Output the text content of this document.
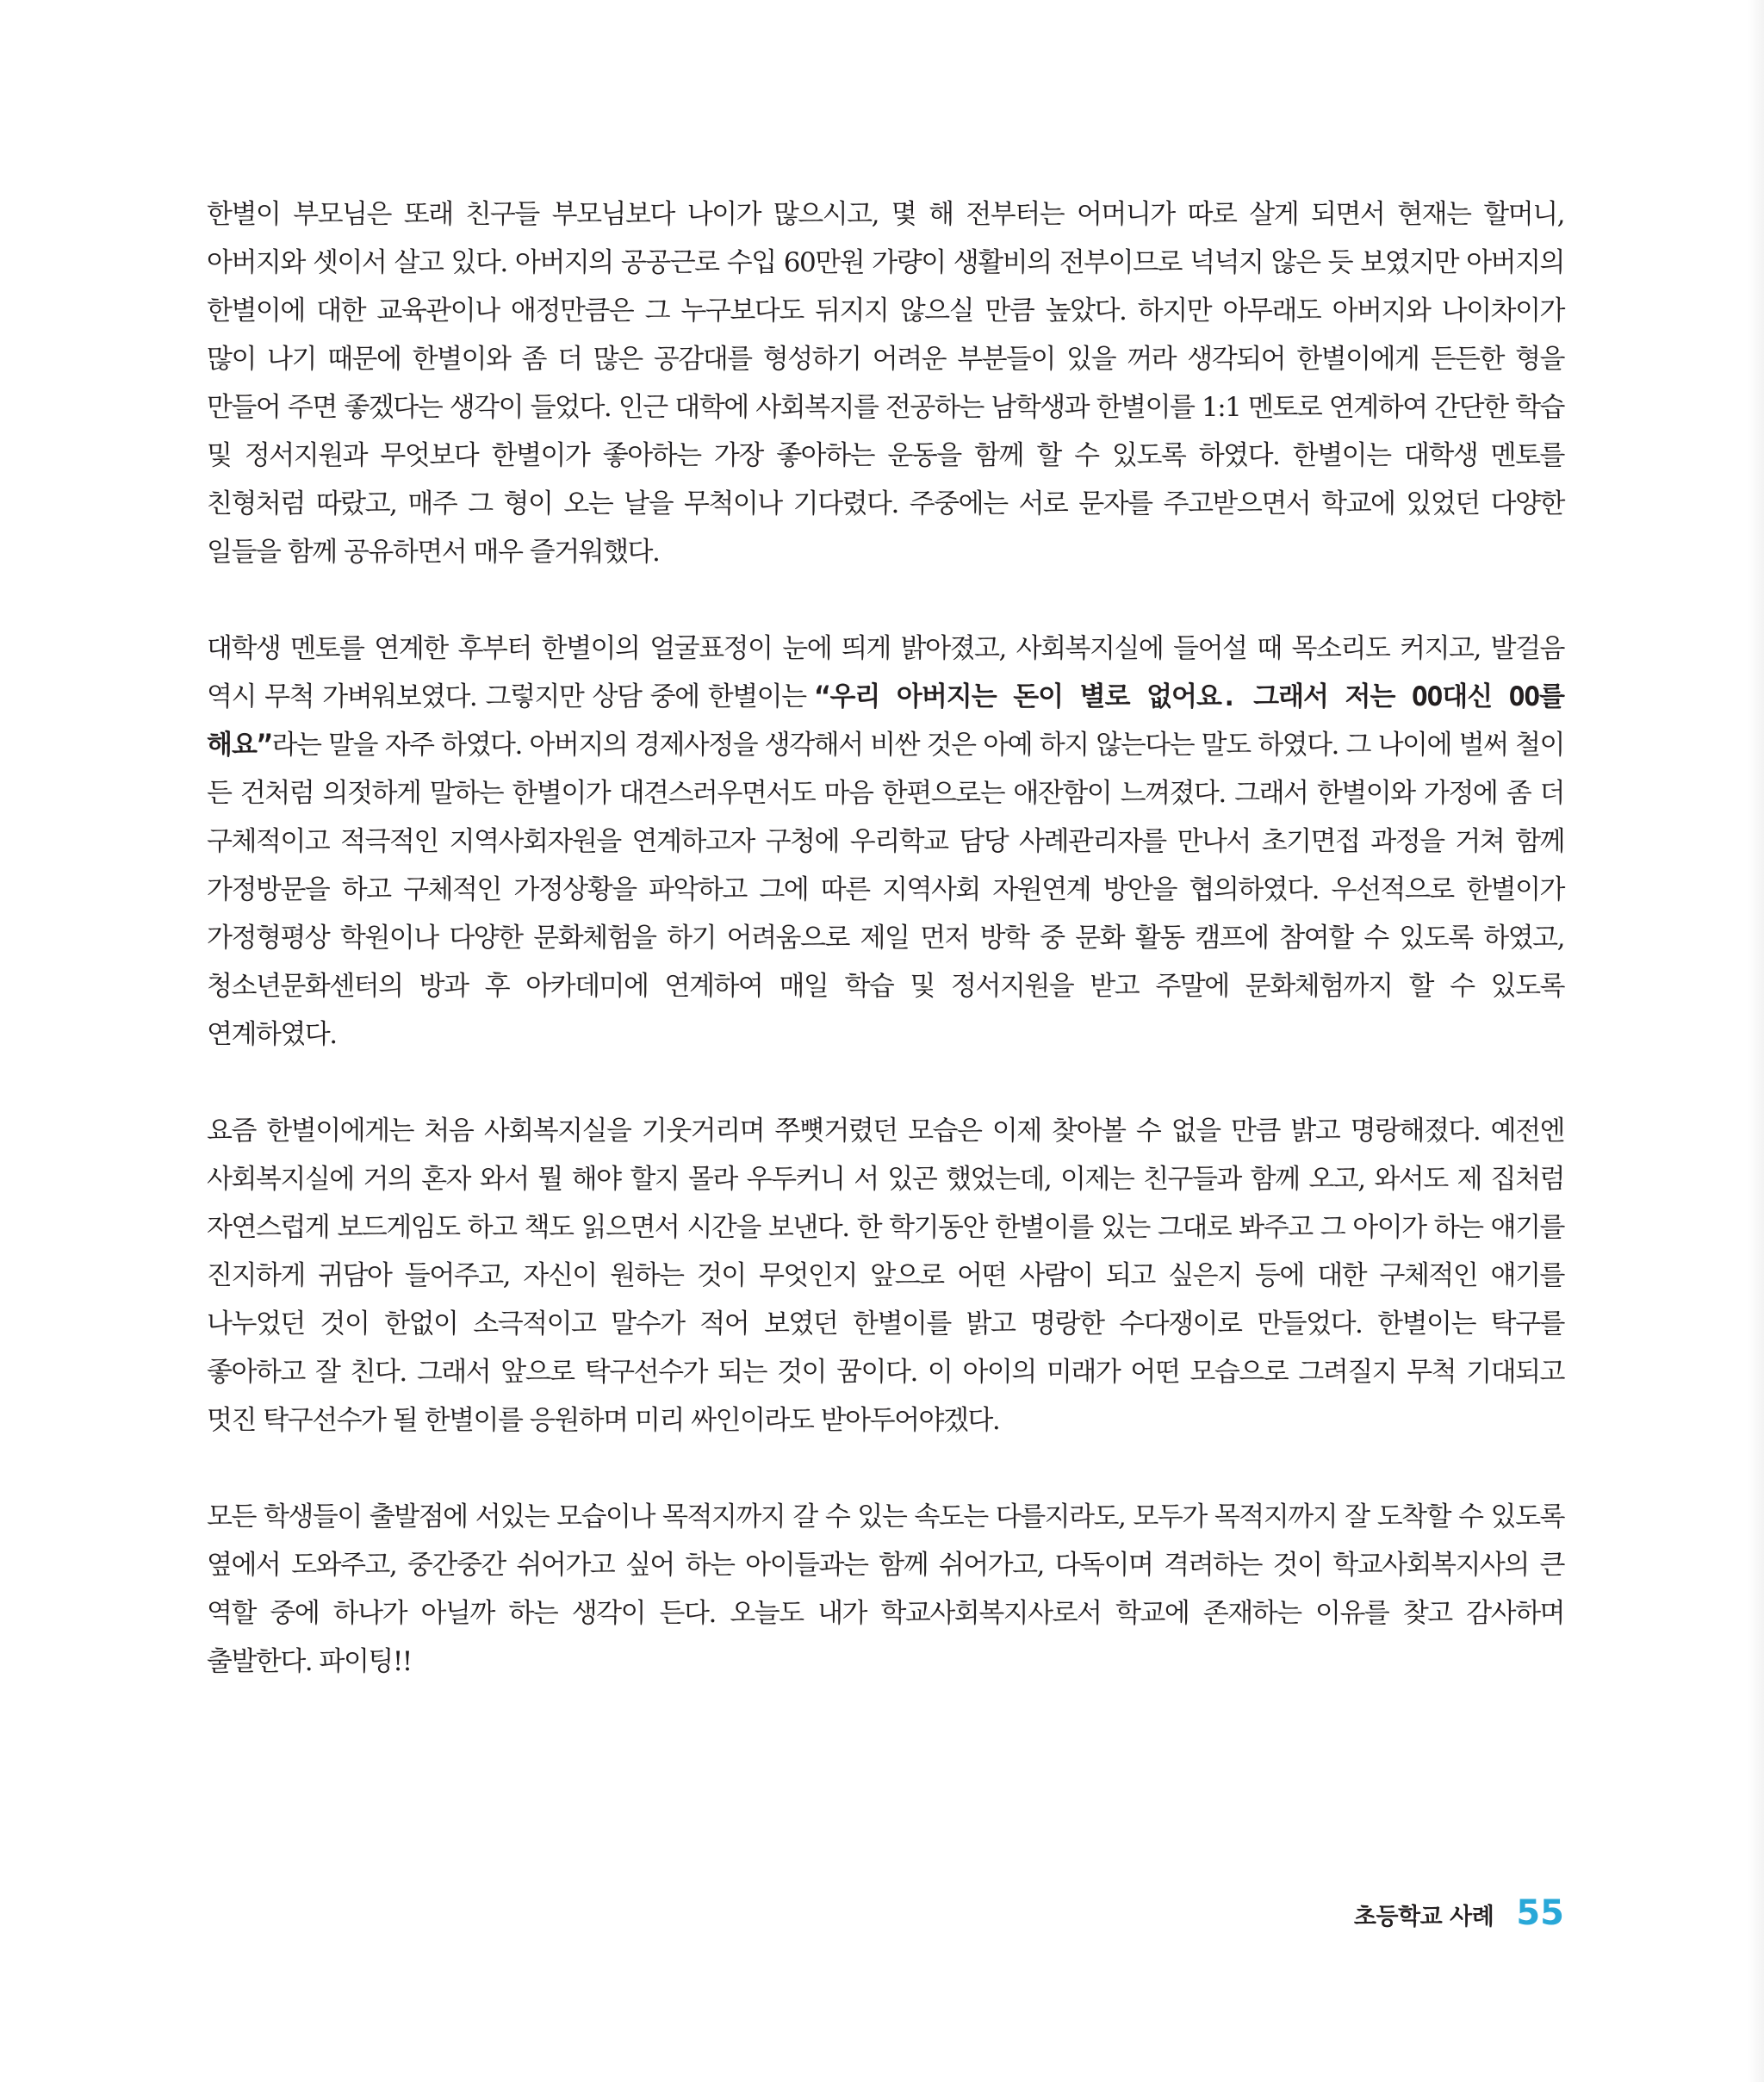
한별이 부모님은 또래 친구들 부모님보다 나이가 많으시고, 몇 해 전부터는 어머니가 따로 살게 되면서 현재는 할머니, 아버지와 셋이서 살고 있다. 아버지의 공공근로 수입 60만원 가량이 생활비의 전부이므로 넉넉지 않은 듯 보였지만 아버지의 한별이에 대한 교육관이나 애정만큼은 그 누구보다도 뒤지지 않으실 만큼 높았다. 하지만 아무래도 아버지와 나이차이가 많이 나기 때문에 한별이와 좀 더 많은 공감대를 형성하기 어려운 부분들이 있을 꺼라 생각되어 한별이에게 든든한 형을 만들어 주면 좋겠다는 생각이 들었다. 인근 대학에 사회복지를 전공하는 남학생과 한별이를 1:1 멘토로 연계하여 간단한 학습 및 정서지원과 무엇보다 한별이가 좋아하는 가장 좋아하는 운동을 함께 할 수 있도록 하였다. 한별이는 대학생 멘토를 친형처럼 따랐고, 매주 그 형이 오는 날을 무척이나 기다렸다. 주중에는 서로 문자를 주고받으면서 학교에 있었던 다양한 일들을 함께 공유하면서 매우 즐거워했다.

대학생 멘토를 연계한 후부터 한별이의 얼굴표정이 눈에 띄게 밝아졌고, 사회복지실에 들어설 때 목소리도 커지고, 발걸음 역시 무척 가벼워보였다. 그렇지만 상담 중에 한별이는 “우리 아버지는 돈이 별로 없어요. 그래서 저는 OO대신 OO를 해요”라는 말을 자주 하였다. 아버지의 경제사정을 생각해서 비싼 것은 아예 하지 않는다는 말도 하였다. 그 나이에 벌써 철이 든 건처럼 의젓하게 말하는 한별이가 대견스러우면서도 마음 한편으로는 애잔함이 느껴졌다. 그래서 한별이와 가정에 좀 더 구체적이고 적극적인 지역사회자원을 연계하고자 구청에 우리학교 담당 사례관리자를 만나서 초기면접 과정을 거쳐 함께 가정방문을 하고 구체적인 가정상황을 파악하고 그에 따른 지역사회 자원연계 방안을 협의하였다. 우선적으로 한별이가 가정형평상 학원이나 다양한 문화체험을 하기 어려움으로 제일 먼저 방학 중 문화 활동 캠프에 참여할 수 있도록 하였고, 청소년문화센터의 방과 후 아카데미에 연계하여 매일 학습 및 정서지원을 받고 주말에 문화체험까지 할 수 있도록 연계하였다.

요즘 한별이에게는 처음 사회복지실을 기웃거리며 쭈뼛거렸던 모습은 이제 찾아볼 수 없을 만큼 밝고 명랑해졌다. 예전엔 사회복지실에 거의 혼자 와서 뭘 해야 할지 몰라 우두커니 서 있곤 했었는데, 이제는 친구들과 함께 오고, 와서도 제 집처럼 자연스럽게 보드게임도 하고 책도 읽으면서 시간을 보낸다. 한 학기동안 한별이를 있는 그대로 봐주고 그 아이가 하는 얘기를 진지하게 귀담아 들어주고, 자신이 원하는 것이 무엇인지 앞으로 어떤 사람이 되고 싶은지 등에 대한 구체적인 얘기를 나누었던 것이 한없이 소극적이고 말수가 적어 보였던 한별이를 밝고 명랑한 수다쟁이로 만들었다. 한별이는 탁구를 좋아하고 잘 친다. 그래서 앞으로 탁구선수가 되는 것이 꿈이다. 이 아이의 미래가 어떤 모습으로 그려질지 무척 기대되고 멋진 탁구선수가 될 한별이를 응원하며 미리 싸인이라도 받아두어야겠다.

모든 학생들이 출발점에 서있는 모습이나 목적지까지 갈 수 있는 속도는 다를지라도, 모두가 목적지까지 잘 도착할 수 있도록 옆에서 도와주고, 중간중간 쉬어가고 싶어 하는 아이들과는 함께 쉬어가고, 다독이며 격려하는 것이 학교사회복지사의 큰 역할 중에 하나가 아닐까 하는 생각이 든다. 오늘도 내가 학교사회복지사로서 학교에 존재하는 이유를 찾고 감사하며 출발한다. 파이팅!!

초등학교 사례 55
